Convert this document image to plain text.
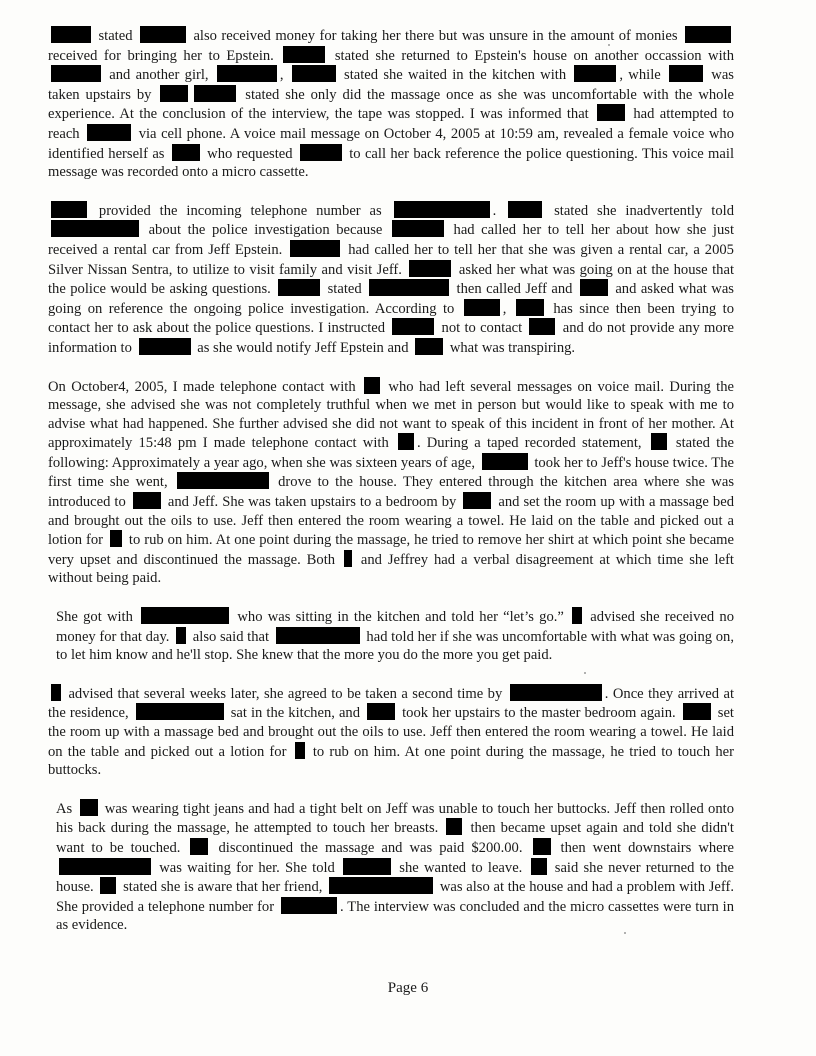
stated	also received money for taking her there but was unsure in the amount of monies  received for bringing her to Epstein.	stated she returned to Epstein's house on another occassion with  and another girl,	,	stated she waited in the kitchen with	, while	was taken upstairs by	stated she only did the massage once as she was uncomfortable with the whole experience. At the conclusion of the interview, the tape was stopped. I was informed that  had attempted to reach	via cell phone. A voice mail message on October 4, 2005 at 10:59 am, revealed a female voice who identified herself as  who requested	to call her back reference the police questioning. This voice mail message was recorded onto a micro cassette.

provided the incoming telephone number as	.	stated she inadvertently told  about the police investigation because	had called her to tell her about how she just received a rental car from Jeff Epstein.	had called her to tell her that she was given a rental car, a 2005 Silver Nissan Sentra, to utilize to visit family and visit Jeff.	asked her what was going on at the house that the police would be asking questions.	stated	then called Jeff and  and asked what was going on reference the ongoing police investigation. According to	,  has since then been trying to contact her to ask about the police questions. I instructed	not to contact  and do not provide any more information to	as she would notify Jeff Epstein and  what was transpiring.

On October4, 2005, I made telephone contact with  who had left several messages on voice mail. During the message, she advised she was not completely truthful when we met in person but would like to speak with me to advise what had happened. She further advised she did not want to speak of this incident in front of her mother. At approximately 15:48 pm I made telephone contact with . During a taped recorded statement,  stated the following: Approximately a year ago, when she was sixteen years of age,	took her to Jeff's house twice. The first time she went,	drove to the house. They entered through the kitchen area where she was introduced to  and Jeff. She was taken upstairs to a bedroom by  and set the room up with a massage bed and brought out the oils to use. Jeff then entered the room wearing a towel. He laid on the table and picked out a lotion for  to rub on him. At one point during the massage, he tried to remove her shirt at which point she became very upset and discontinued the massage. Both  and Jeffrey had a verbal disagreement at which time she left without being paid.

She got with	who was sitting in the kitchen and told her “let’s go.”  advised she received no money for that day.  also said that	had told her if she was uncomfortable with what was going on, to let him know and he'll stop. She knew that the more you do the more you get paid.

advised that several weeks later, she agreed to be taken a second time by	. Once they arrived at the residence,	sat in the kitchen, and  took her upstairs to the master bedroom again.  set the room up with a massage bed and brought out the oils to use. Jeff then entered the room wearing a towel. He laid on the table and picked out a lotion for  to rub on him. At one point during the massage, he tried to touch her buttocks.

As  was wearing tight jeans and had a tight belt on Jeff was unable to touch her buttocks. Jeff then rolled onto his back during the massage, he attempted to touch her breasts.  then became upset again and told she didn't want to be touched.  discontinued the massage and was paid $200.00.  then went downstairs where  was waiting for her. She told	she wanted to leave.  said she never returned to the house.  stated she is aware that her friend,	was also at the house and had a problem with Jeff. She provided a telephone number for	. The interview was concluded and the micro cassettes were turn in as evidence.

Page 6
